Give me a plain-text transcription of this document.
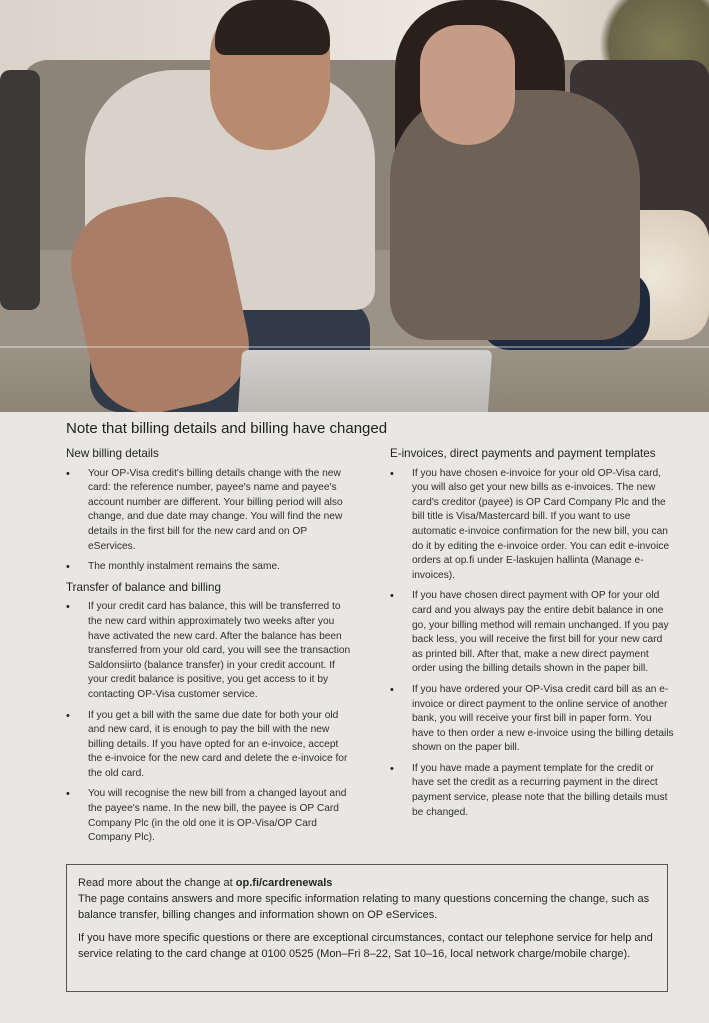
Note that billing details and billing have changed
New billing details
• Your OP-Visa credit's billing details change with the new card: the reference number, payee's name and payee's account number are different. Your billing period will also change, and due date may change. You will find the new details in the first bill for the new card and on OP eServices.
• The monthly instalment remains the same.
Transfer of balance and billing
• If your credit card has balance, this will be transferred to the new card within approximately two weeks after you have activated the new card. After the balance has been transferred from your old card, you will see the transaction Saldonsiirto (balance transfer) in your credit account. If your credit balance is positive, you get access to it by contacting OP-Visa customer service.
• If you get a bill with the same due date for both your old and new card, it is enough to pay the bill with the new billing details. If you have opted for an e-invoice, accept the e-invoice for the new card and delete the e-invoice for the old card.
• You will recognise the new bill from a changed layout and the payee's name. In the new bill, the payee is OP Card Company Plc (in the old one it is OP-Visa/OP Card Company Plc).
E-invoices, direct payments and payment templates
• If you have chosen e-invoice for your old OP-Visa card, you will also get your new bills as e-invoices. The new card's creditor (payee) is OP Card Company Plc and the bill title is Visa/Mastercard bill. If you want to use automatic e-invoice confirmation for the new bill, you can do it by editing the e-invoice order. You can edit e-invoice orders at op.fi under E-laskujen hallinta (Manage e-invoices).
• If you have chosen direct payment with OP for your old card and you always pay the entire debit balance in one go, your billing method will remain unchanged. If you pay back less, you will receive the first bill for your new card as printed bill. After that, make a new direct payment order using the billing details shown in the paper bill.
• If you have ordered your OP-Visa credit card bill as an e-invoice or direct payment to the online service of another bank, you will receive your first bill in paper form. You have to then order a new e-invoice using the billing details shown on the paper bill.
• If you have made a payment template for the credit or have set the credit as a recurring payment in the direct payment service, please note that the billing details must be changed.

Read more about the change at op.fi/cardrenewals
The page contains answers and more specific information relating to many questions concerning the change, such as balance transfer, billing changes and information shown on OP eServices.

If you have more specific questions or there are exceptional circumstances, contact our telephone service for help and service relating to the card change at 0100 0525 (Mon–Fri 8–22, Sat 10–16, local network charge/mobile charge).
